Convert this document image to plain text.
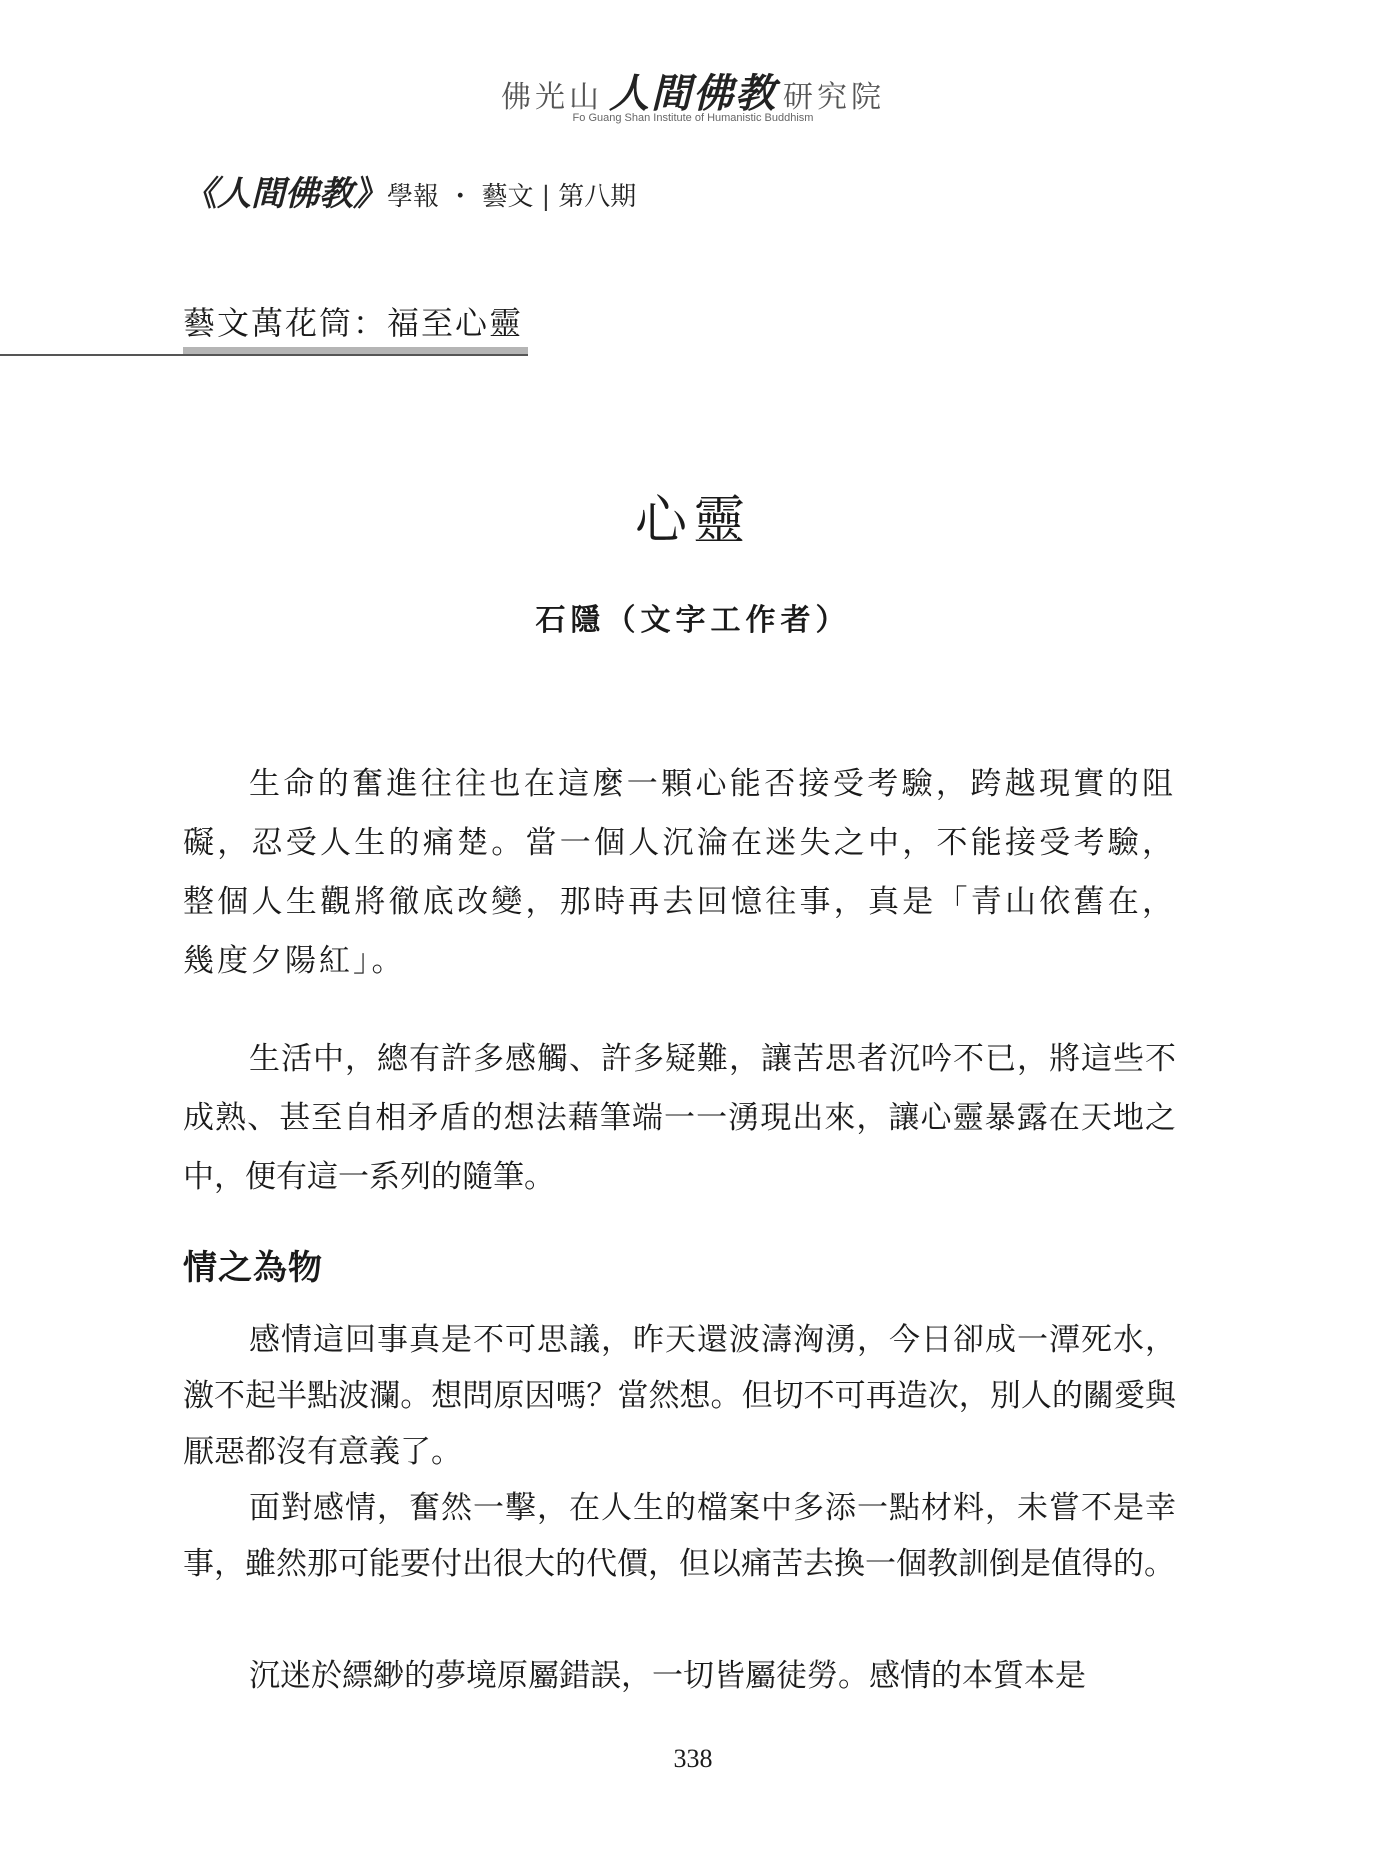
佛光山 人間佛教 研究院
Fo Guang Shan Institute of Humanistic Buddhism
《人間佛教》學報 ・ 藝文 | 第八期
藝文萬花筒：福至心靈
心靈
石隱（文字工作者）

生命的奮進往往也在這麼一顆心能否接受考驗，跨越現實的阻礙，忍受人生的痛楚。當一個人沉淪在迷失之中，不能接受考驗，整個人生觀將徹底改變，那時再去回憶往事，真是「青山依舊在，幾度夕陽紅」。

生活中，總有許多感觸、許多疑難，讓苦思者沉吟不已，將這些不成熟、甚至自相矛盾的想法藉筆端一一湧現出來，讓心靈暴露在天地之中，便有這一系列的隨筆。

情之為物

感情這回事真是不可思議，昨天還波濤洶湧，今日卻成一潭死水，激不起半點波瀾。想問原因嗎？當然想。但切不可再造次，別人的關愛與厭惡都沒有意義了。

面對感情，奮然一擊，在人生的檔案中多添一點材料，未嘗不是幸事，雖然那可能要付出很大的代價，但以痛苦去換一個教訓倒是值得的。

沉迷於縹緲的夢境原屬錯誤，一切皆屬徒勞。感情的本質本是

338
